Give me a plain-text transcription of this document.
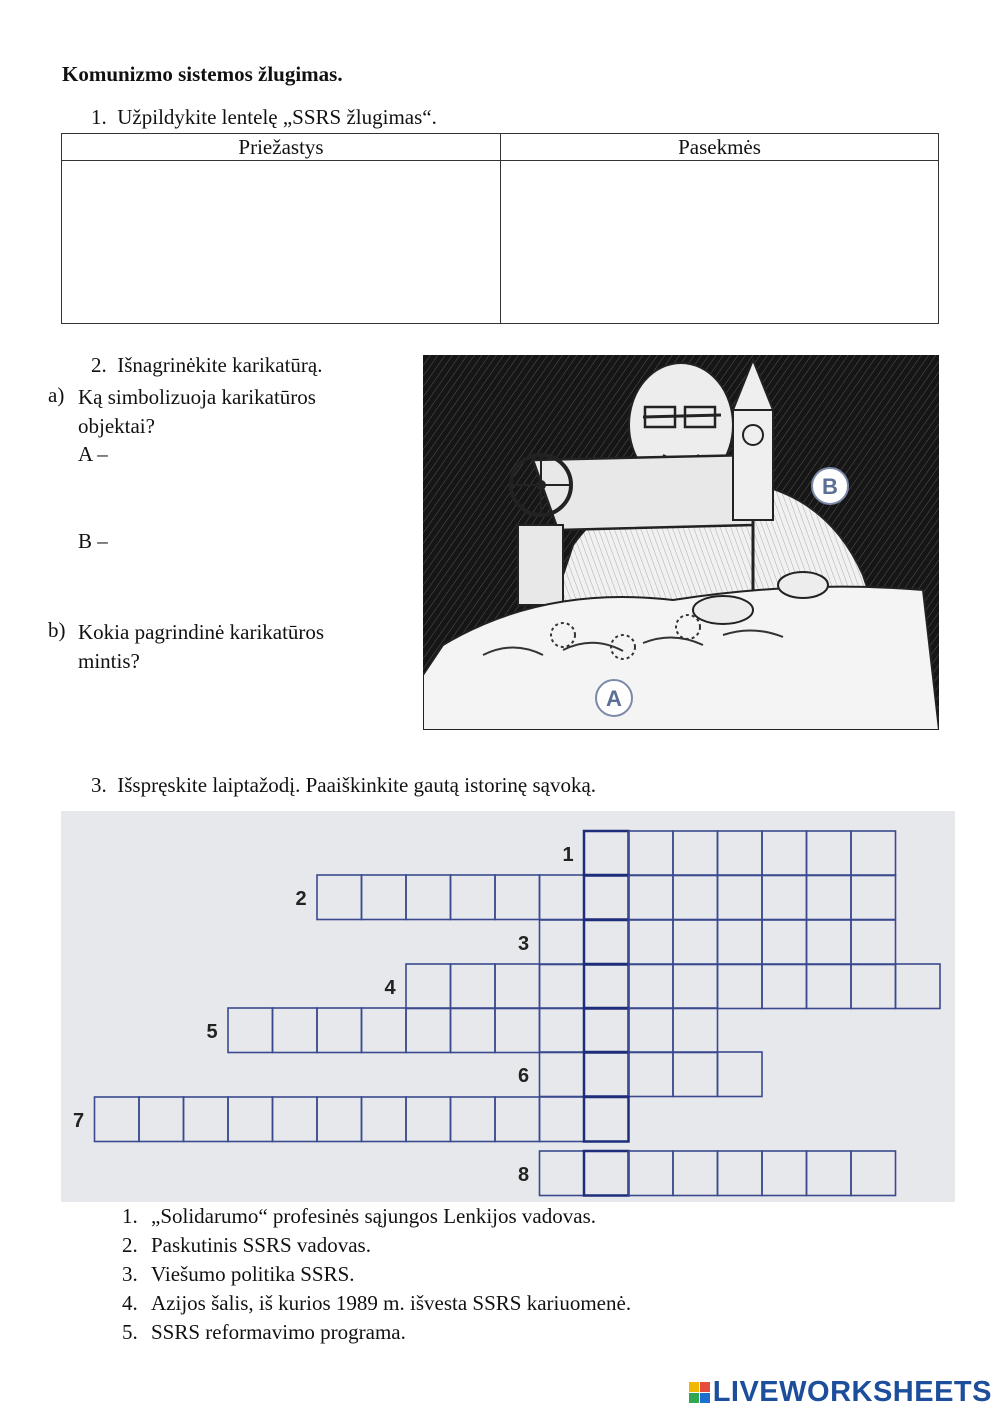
Komunizmo sistemos žlugimas.
1. Užpildykite lentelę „SSRS žlugimas“.
Priežastys	Pasekmės

2. Išnagrinėkite karikatūrą.
a) Ką simbolizuoja karikatūros objektai?
A –
B –
b) Kokia pagrindinė karikatūros mintis?
B
A
3. Išspręskite laiptažodį. Paaiškinkite gautą istorinę sąvoką.
1
2
3
4
5
6
7
8
1. „Solidarumo“ profesinės sąjungos Lenkijos vadovas.
2. Paskutinis SSRS vadovas.
3. Viešumo politika SSRS.
4. Azijos šalis, iš kurios 1989 m. išvesta SSRS kariuomenė.
5. SSRS reformavimo programa.
LIVEWORKSHEETS
